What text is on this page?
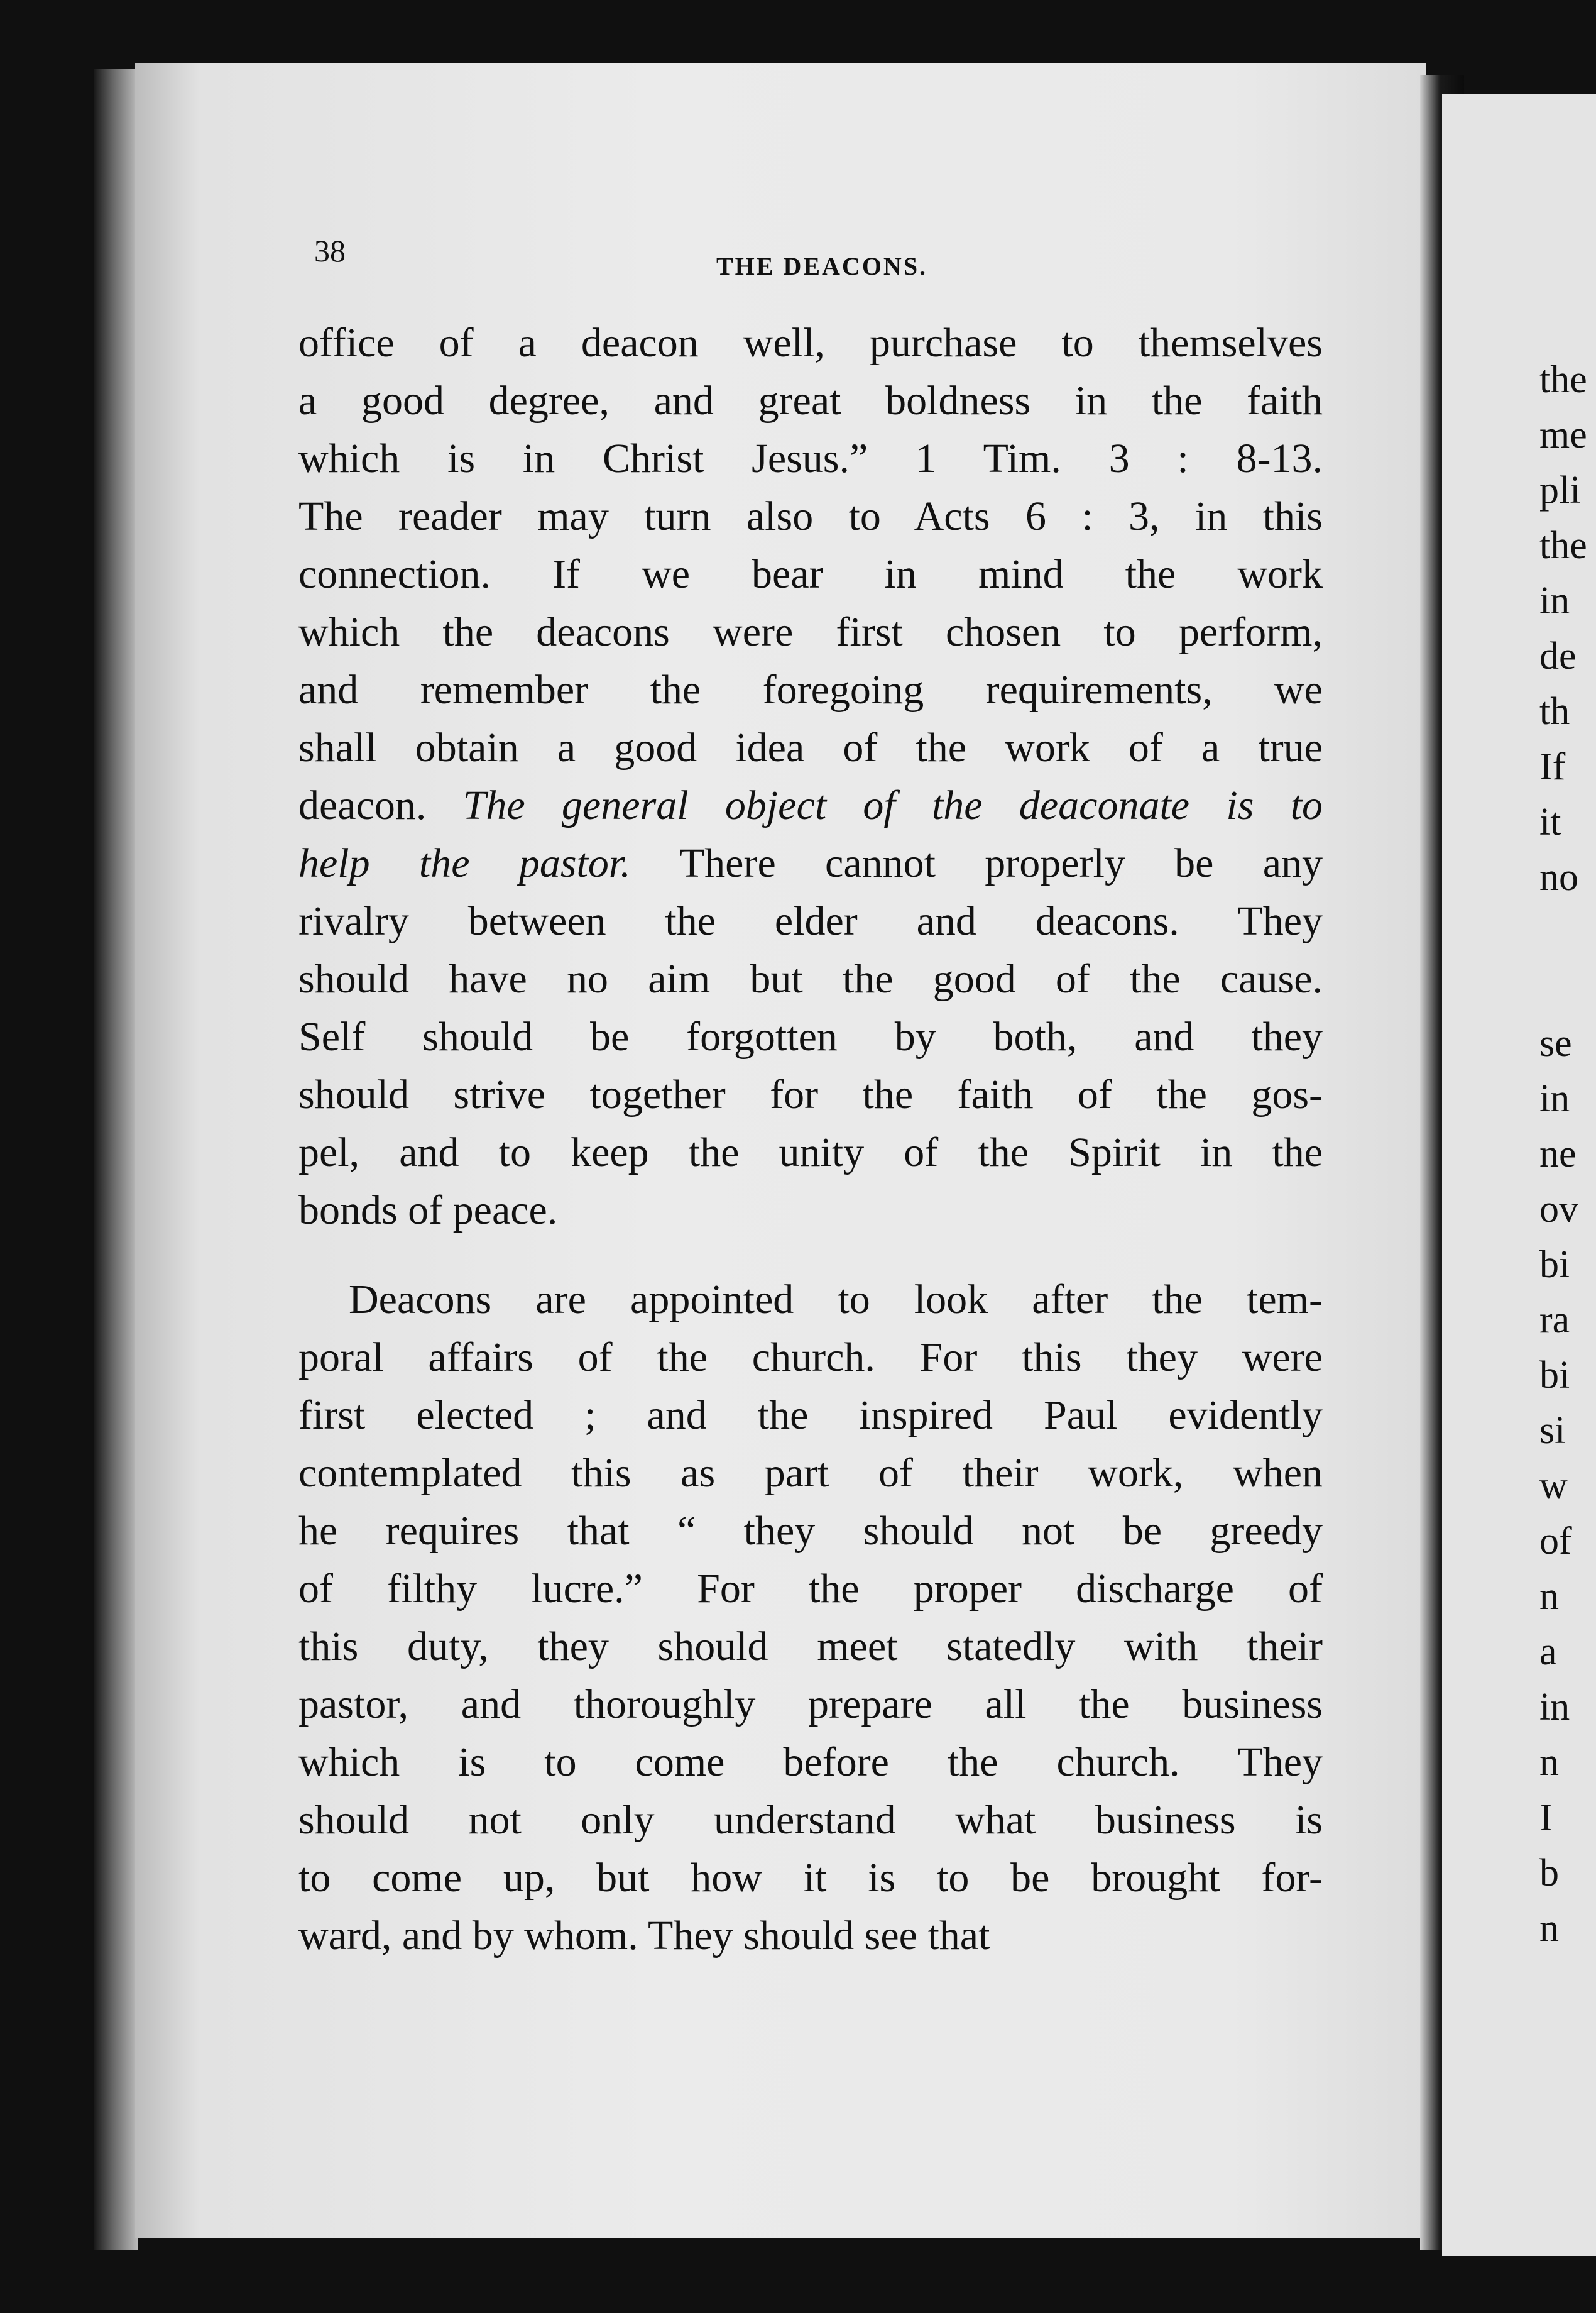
38	THE DEACONS.
office of a deacon well, purchase to themselves
a good degree, and great boldness in the faith
which is in Christ Jesus.” 1 Tim. 3 : 8-13.
The reader may turn also to Acts 6 : 3, in this
connection. If we bear in mind the work
which the deacons were first chosen to perform,
and remember the foregoing requirements, we
shall obtain a good idea of the work of a true
deacon. The general object of the deaconate is to
help the pastor. There cannot properly be any
rivalry between the elder and deacons. They
should have no aim but the good of the cause.
Self should be forgotten by both, and they
should strive together for the faith of the gos-
pel, and to keep the unity of the Spirit in the
bonds of peace.
Deacons are appointed to look after the tem-
poral affairs of the church. For this they were
first elected ; and the inspired Paul evidently
contemplated this as part of their work, when
he requires that “ they should not be greedy
of filthy lucre.” For the proper discharge of
this duty, they should meet statedly with their
pastor, and thoroughly prepare all the business
which is to come before the church. They
should not only understand what business is
to come up, but how it is to be brought for-
ward, and by whom. They should see that
the
me
pli
the
in
de
th
If
it
no
se
in
ne
ov
bi
ra
bi
si
w
of
n
a
in
n
I
b
n
